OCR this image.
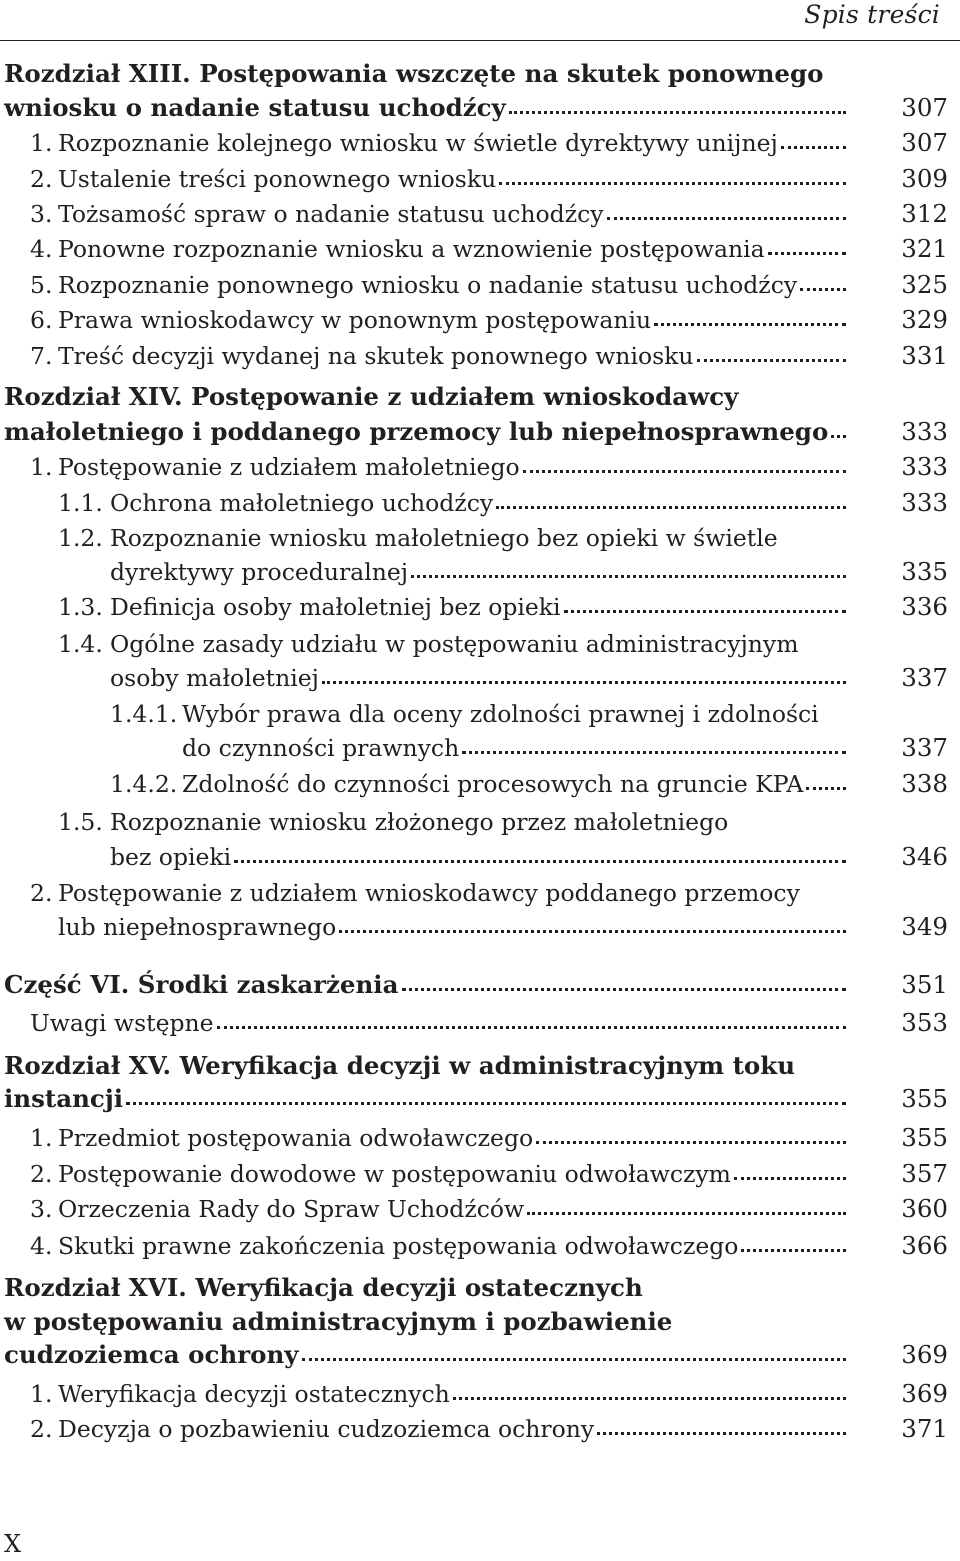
Spis treści
Rozdział XIII. Postępowania wszczęte na skutek ponownego
wniosku o nadanie statusu uchodźcy	307
1. Rozpoznanie kolejnego wniosku w świetle dyrektywy unijnej	307
2. Ustalenie treści ponownego wniosku	309
3. Tożsamość spraw o nadanie statusu uchodźcy	312
4. Ponowne rozpoznanie wniosku a wznowienie postępowania	321
5. Rozpoznanie ponownego wniosku o nadanie statusu uchodźcy	325
6. Prawa wnioskodawcy w ponownym postępowaniu	329
7. Treść decyzji wydanej na skutek ponownego wniosku	331
Rozdział XIV. Postępowanie z udziałem wnioskodawcy
małoletniego i poddanego przemocy lub niepełnosprawnego	333
1. Postępowanie z udziałem małoletniego	333
1.1. Ochrona małoletniego uchodźcy	333
1.2. Rozpoznanie wniosku małoletniego bez opieki w świetle
dyrektywy proceduralnej	335
1.3. Definicja osoby małoletniej bez opieki	336
1.4. Ogólne zasady udziału w postępowaniu administracyjnym
osoby małoletniej	337
1.4.1. Wybór prawa dla oceny zdolności prawnej i zdolności
do czynności prawnych	337
1.4.2. Zdolność do czynności procesowych na gruncie KPA	338
1.5. Rozpoznanie wniosku złożonego przez małoletniego
bez opieki	346
2. Postępowanie z udziałem wnioskodawcy poddanego przemocy
lub niepełnosprawnego	349
Część VI. Środki zaskarżenia	351
Uwagi wstępne	353
Rozdział XV. Weryfikacja decyzji w administracyjnym toku
instancji	355
1. Przedmiot postępowania odwoławczego	355
2. Postępowanie dowodowe w postępowaniu odwoławczym	357
3. Orzeczenia Rady do Spraw Uchodźców	360
4. Skutki prawne zakończenia postępowania odwoławczego	366
Rozdział XVI. Weryfikacja decyzji ostatecznych
w postępowaniu administracyjnym i pozbawienie
cudzoziemca ochrony	369
1. Weryfikacja decyzji ostatecznych	369
2. Decyzja o pozbawieniu cudzoziemca ochrony	371
X
